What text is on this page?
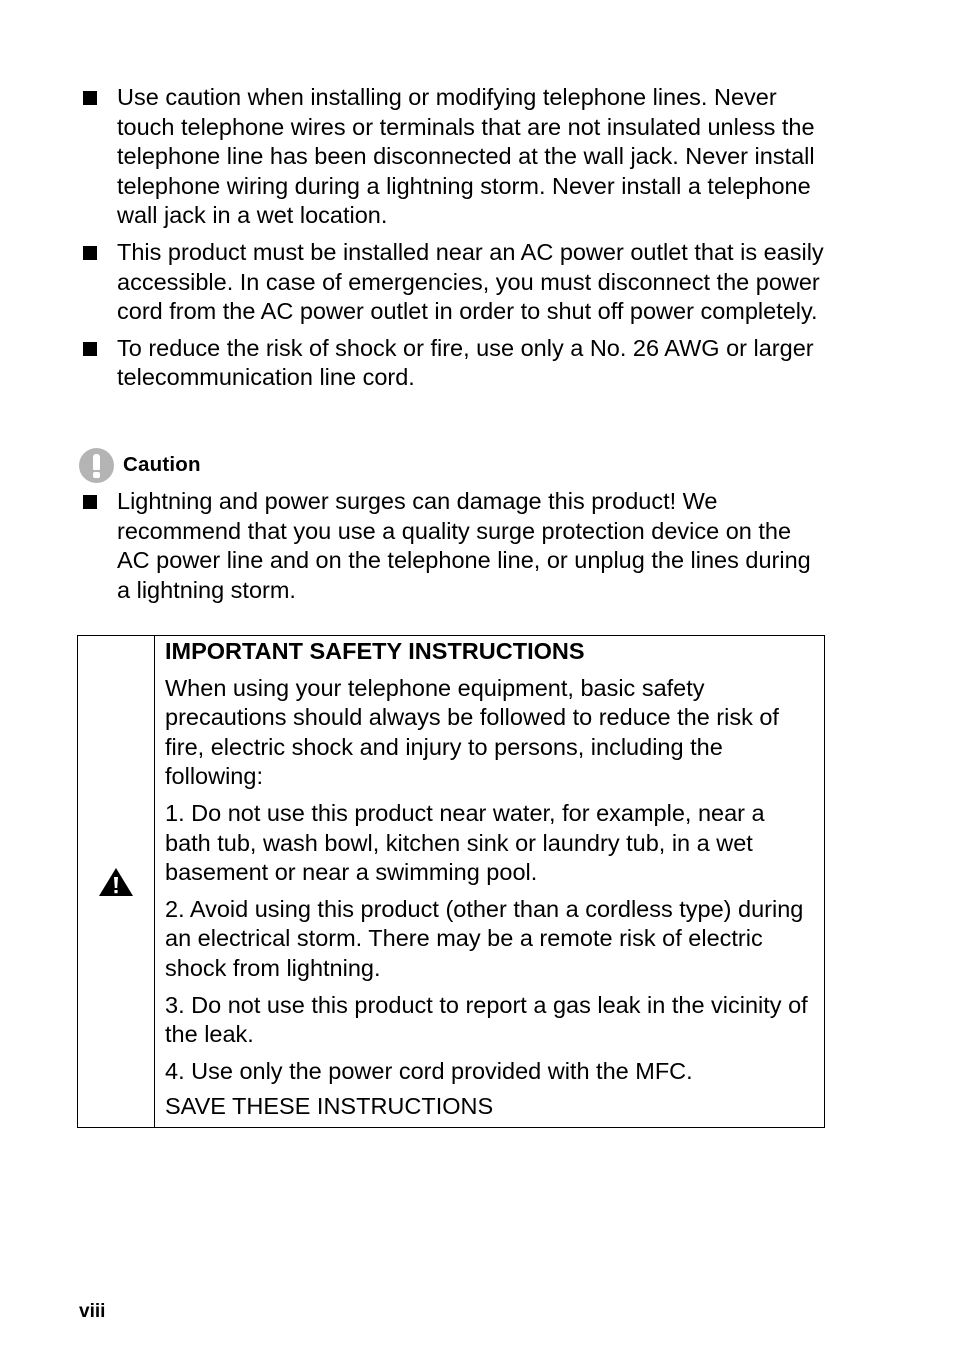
Use caution when installing or modifying telephone lines. Never touch telephone wires or terminals that are not insulated unless the telephone line has been disconnected at the wall jack. Never install telephone wiring during a lightning storm. Never install a telephone wall jack in a wet location.
This product must be installed near an AC power outlet that is easily accessible. In case of emergencies, you must disconnect the power cord from the AC power outlet in order to shut off power completely.
To reduce the risk of shock or fire, use only a No. 26 AWG or larger telecommunication line cord.
Caution
Lightning and power surges can damage this product! We recommend that you use a quality surge protection device on the AC power line and on the telephone line, or unplug the lines during a lightning storm.
IMPORTANT SAFETY INSTRUCTIONS
When using your telephone equipment, basic safety precautions should always be followed to reduce the risk of fire, electric shock and injury to persons, including the following:
1. Do not use this product near water, for example, near a bath tub, wash bowl, kitchen sink or laundry tub, in a wet basement or near a swimming pool.
2. Avoid using this product (other than a cordless type) during an electrical storm. There may be a remote risk of electric shock from lightning.
3. Do not use this product to report a gas leak in the vicinity of the leak.
4. Use only the power cord provided with the MFC.
SAVE THESE INSTRUCTIONS
viii
